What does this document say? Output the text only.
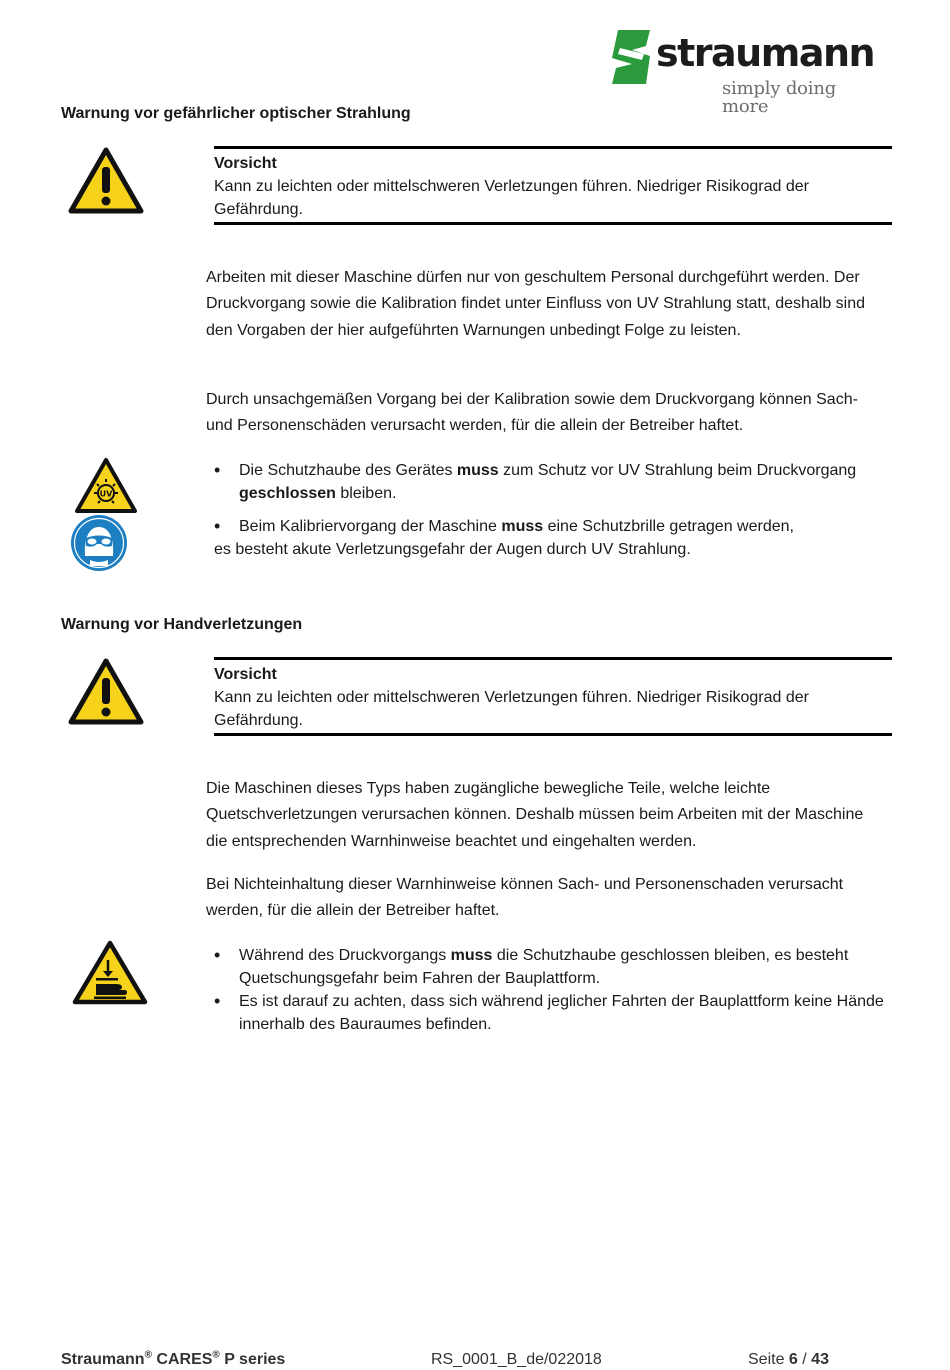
straumann
simply doing more
Warnung vor gefährlicher optischer Strahlung
Vorsicht
Kann zu leichten oder mittelschweren Verletzungen führen. Niedriger Risikograd der Gefährdung.

Arbeiten mit dieser Maschine dürfen nur von geschultem Personal durchgeführt werden. Der Druckvorgang sowie die Kalibration findet unter Einfluss von UV Strahlung statt, deshalb sind den Vorgaben der hier aufgeführten Warnungen unbedingt Folge zu leisten.

Durch unsachgemäßen Vorgang bei der Kalibration sowie dem Druckvorgang können Sach- und Personenschäden verursacht werden, für die allein der Betreiber haftet.

UV
• Die Schutzhaube des Gerätes muss zum Schutz vor UV Strahlung beim Druckvorgang geschlossen bleiben.
• Beim Kalibriervorgang der Maschine muss eine Schutzbrille getragen werden,
es besteht akute Verletzungsgefahr der Augen durch UV Strahlung.
Warnung vor Handverletzungen
Vorsicht
Kann zu leichten oder mittelschweren Verletzungen führen. Niedriger Risikograd der Gefährdung.

Die Maschinen dieses Typs haben zugängliche bewegliche Teile, welche leichte Quetschverletzungen verursachen können. Deshalb müssen beim Arbeiten mit der Maschine die entsprechenden Warnhinweise beachtet und eingehalten werden.

Bei Nichteinhaltung dieser Warnhinweise können Sach- und Personenschaden verursacht werden, für die allein der Betreiber haftet.

• Während des Druckvorgangs muss die Schutzhaube geschlossen bleiben, es besteht Quetschungsgefahr beim Fahren der Bauplattform.
• Es ist darauf zu achten, dass sich während jeglicher Fahrten der Bauplattform keine Hände innerhalb des Bauraumes befinden.
Straumann® CARES® P series	RS_0001_B_de/022018	Seite 6 / 43
